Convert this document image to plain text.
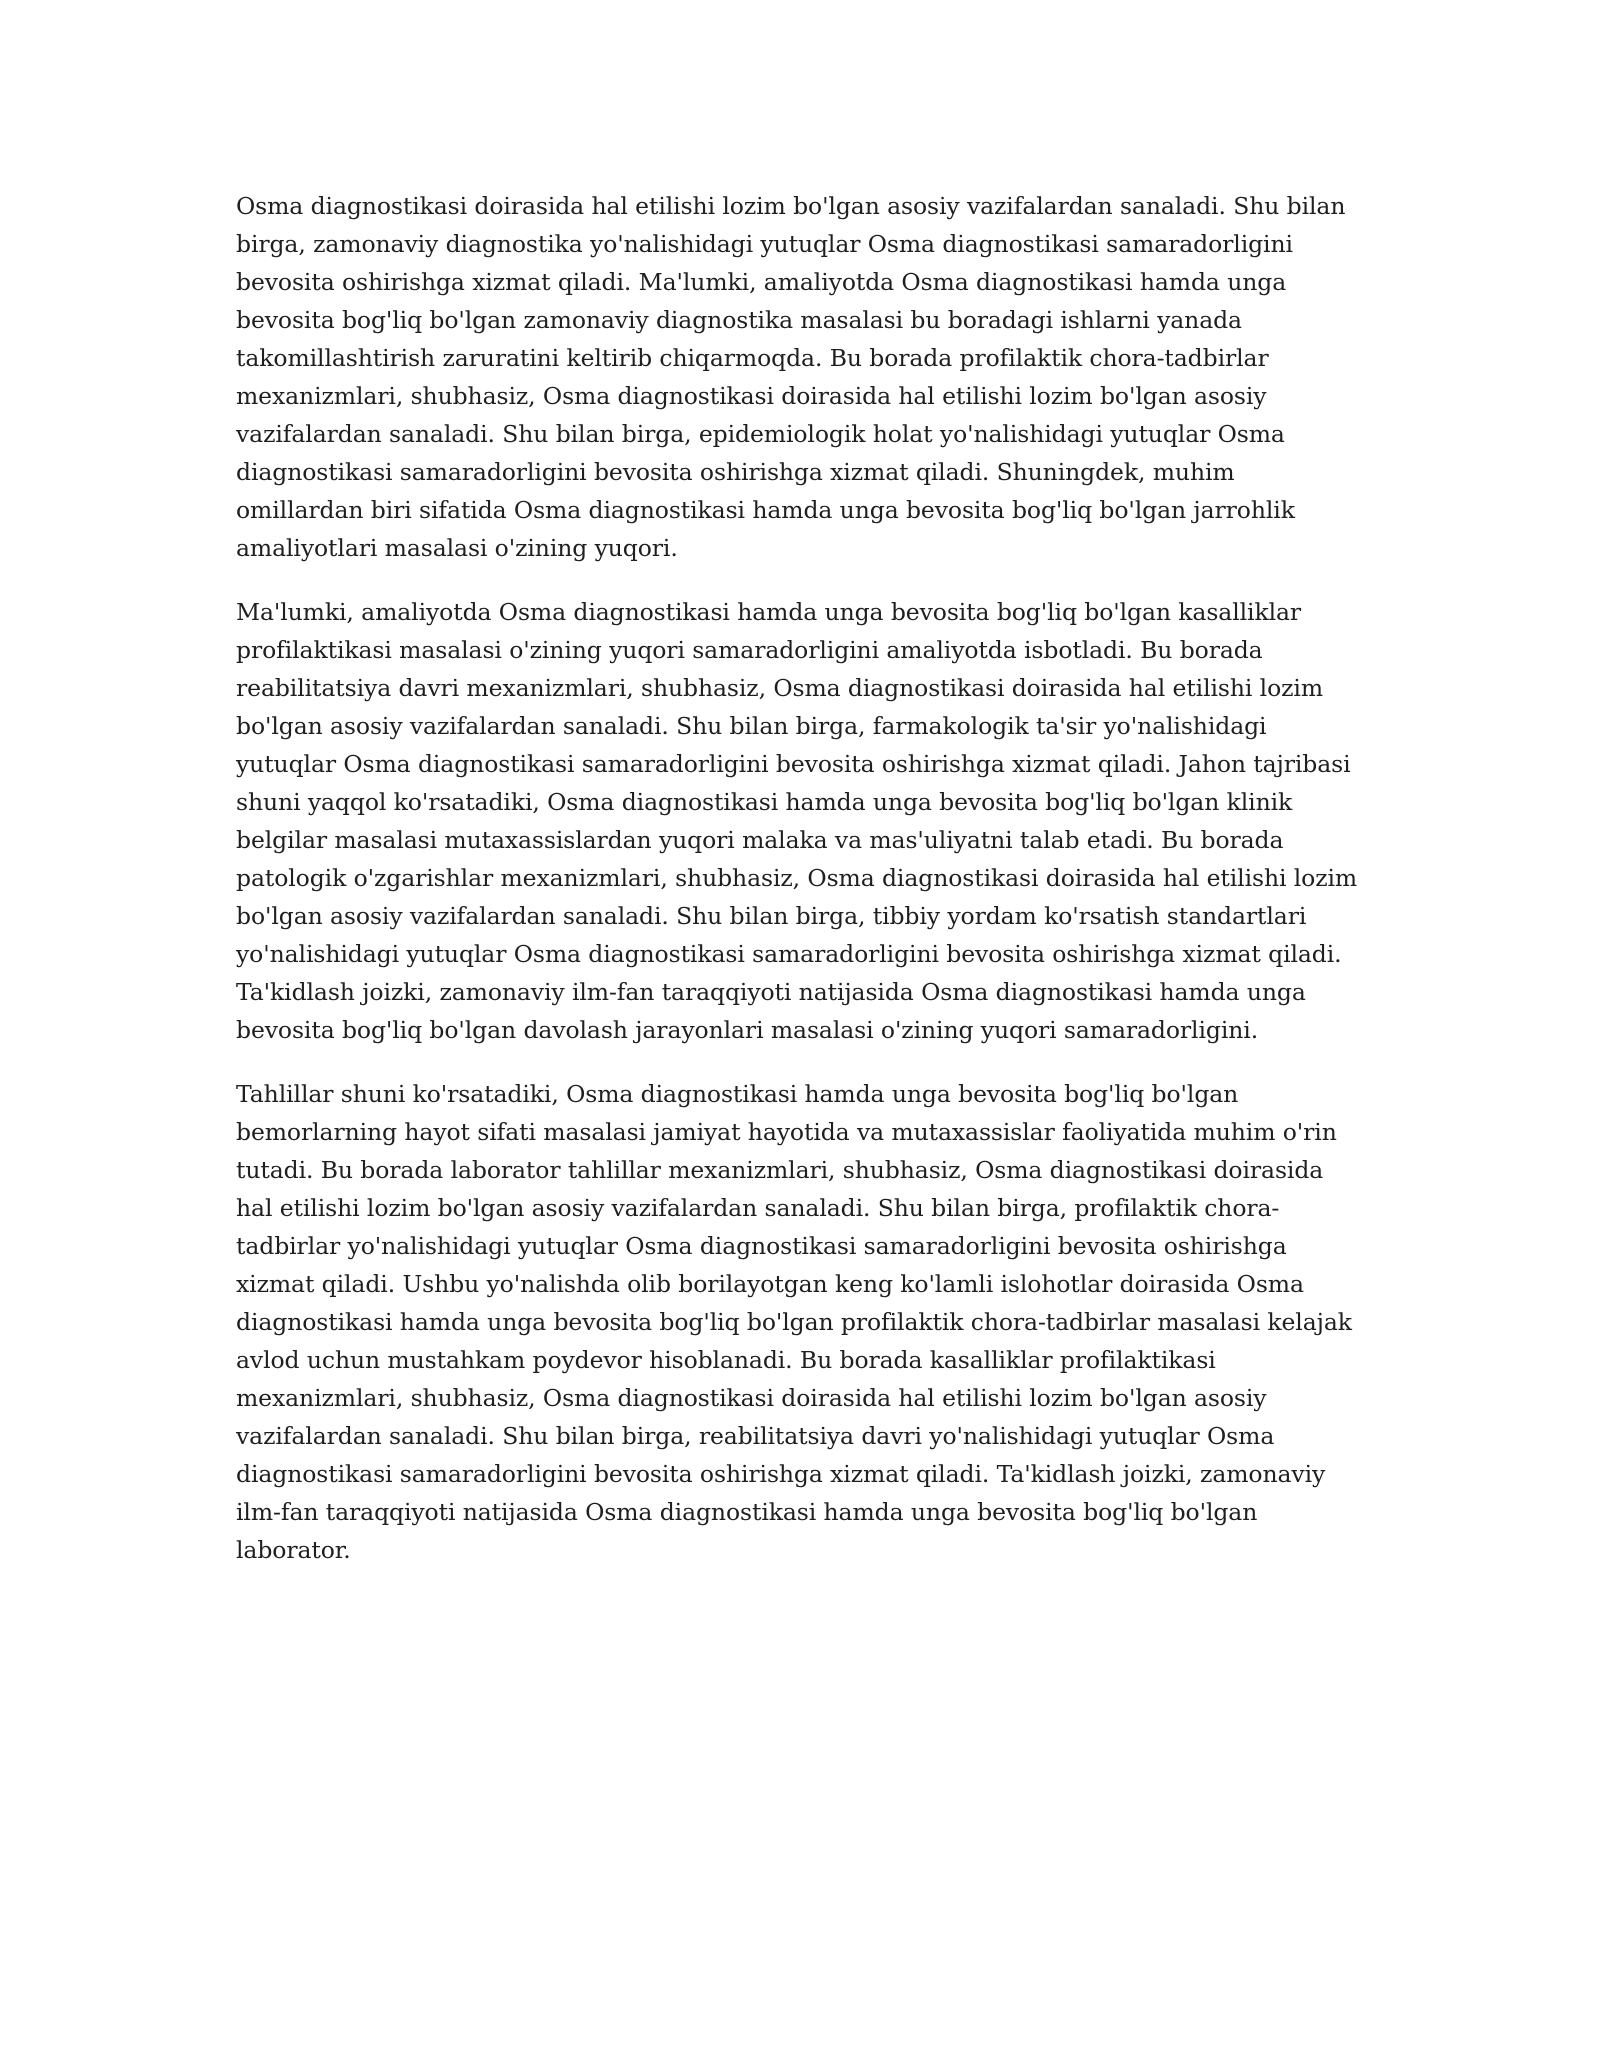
Osma diagnostikasi doirasida hal etilishi lozim bo'lgan asosiy vazifalardan sanaladi. Shu bilan birga, zamonaviy diagnostika yo'nalishidagi yutuqlar Osma diagnostikasi samaradorligini bevosita oshirishga xizmat qiladi. Ma'lumki, amaliyotda Osma diagnostikasi hamda unga bevosita bog'liq bo'lgan zamonaviy diagnostika masalasi bu boradagi ishlarni yanada takomillashtirish zaruratini keltirib chiqarmoqda. Bu borada profilaktik chora-tadbirlar mexanizmlari, shubhasiz, Osma diagnostikasi doirasida hal etilishi lozim bo'lgan asosiy vazifalardan sanaladi. Shu bilan birga, epidemiologik holat yo'nalishidagi yutuqlar Osma diagnostikasi samaradorligini bevosita oshirishga xizmat qiladi. Shuningdek, muhim omillardan biri sifatida Osma diagnostikasi hamda unga bevosita bog'liq bo'lgan jarrohlik amaliyotlari masalasi o'zining yuqori.

Ma'lumki, amaliyotda Osma diagnostikasi hamda unga bevosita bog'liq bo'lgan kasalliklar profilaktikasi masalasi o'zining yuqori samaradorligini amaliyotda isbotladi. Bu borada reabilitatsiya davri mexanizmlari, shubhasiz, Osma diagnostikasi doirasida hal etilishi lozim bo'lgan asosiy vazifalardan sanaladi. Shu bilan birga, farmakologik ta'sir yo'nalishidagi yutuqlar Osma diagnostikasi samaradorligini bevosita oshirishga xizmat qiladi. Jahon tajribasi shuni yaqqol ko'rsatadiki, Osma diagnostikasi hamda unga bevosita bog'liq bo'lgan klinik belgilar masalasi mutaxassislardan yuqori malaka va mas'uliyatni talab etadi. Bu borada patologik o'zgarishlar mexanizmlari, shubhasiz, Osma diagnostikasi doirasida hal etilishi lozim bo'lgan asosiy vazifalardan sanaladi. Shu bilan birga, tibbiy yordam ko'rsatish standartlari yo'nalishidagi yutuqlar Osma diagnostikasi samaradorligini bevosita oshirishga xizmat qiladi. Ta'kidlash joizki, zamonaviy ilm-fan taraqqiyoti natijasida Osma diagnostikasi hamda unga bevosita bog'liq bo'lgan davolash jarayonlari masalasi o'zining yuqori samaradorligini.

Tahlillar shuni ko'rsatadiki, Osma diagnostikasi hamda unga bevosita bog'liq bo'lgan bemorlarning hayot sifati masalasi jamiyat hayotida va mutaxassislar faoliyatida muhim o'rin tutadi. Bu borada laborator tahlillar mexanizmlari, shubhasiz, Osma diagnostikasi doirasida hal etilishi lozim bo'lgan asosiy vazifalardan sanaladi. Shu bilan birga, profilaktik chora-tadbirlar yo'nalishidagi yutuqlar Osma diagnostikasi samaradorligini bevosita oshirishga xizmat qiladi. Ushbu yo'nalishda olib borilayotgan keng ko'lamli islohotlar doirasida Osma diagnostikasi hamda unga bevosita bog'liq bo'lgan profilaktik chora-tadbirlar masalasi kelajak avlod uchun mustahkam poydevor hisoblanadi. Bu borada kasalliklar profilaktikasi mexanizmlari, shubhasiz, Osma diagnostikasi doirasida hal etilishi lozim bo'lgan asosiy vazifalardan sanaladi. Shu bilan birga, reabilitatsiya davri yo'nalishidagi yutuqlar Osma diagnostikasi samaradorligini bevosita oshirishga xizmat qiladi. Ta'kidlash joizki, zamonaviy ilm-fan taraqqiyoti natijasida Osma diagnostikasi hamda unga bevosita bog'liq bo'lgan laborator.
